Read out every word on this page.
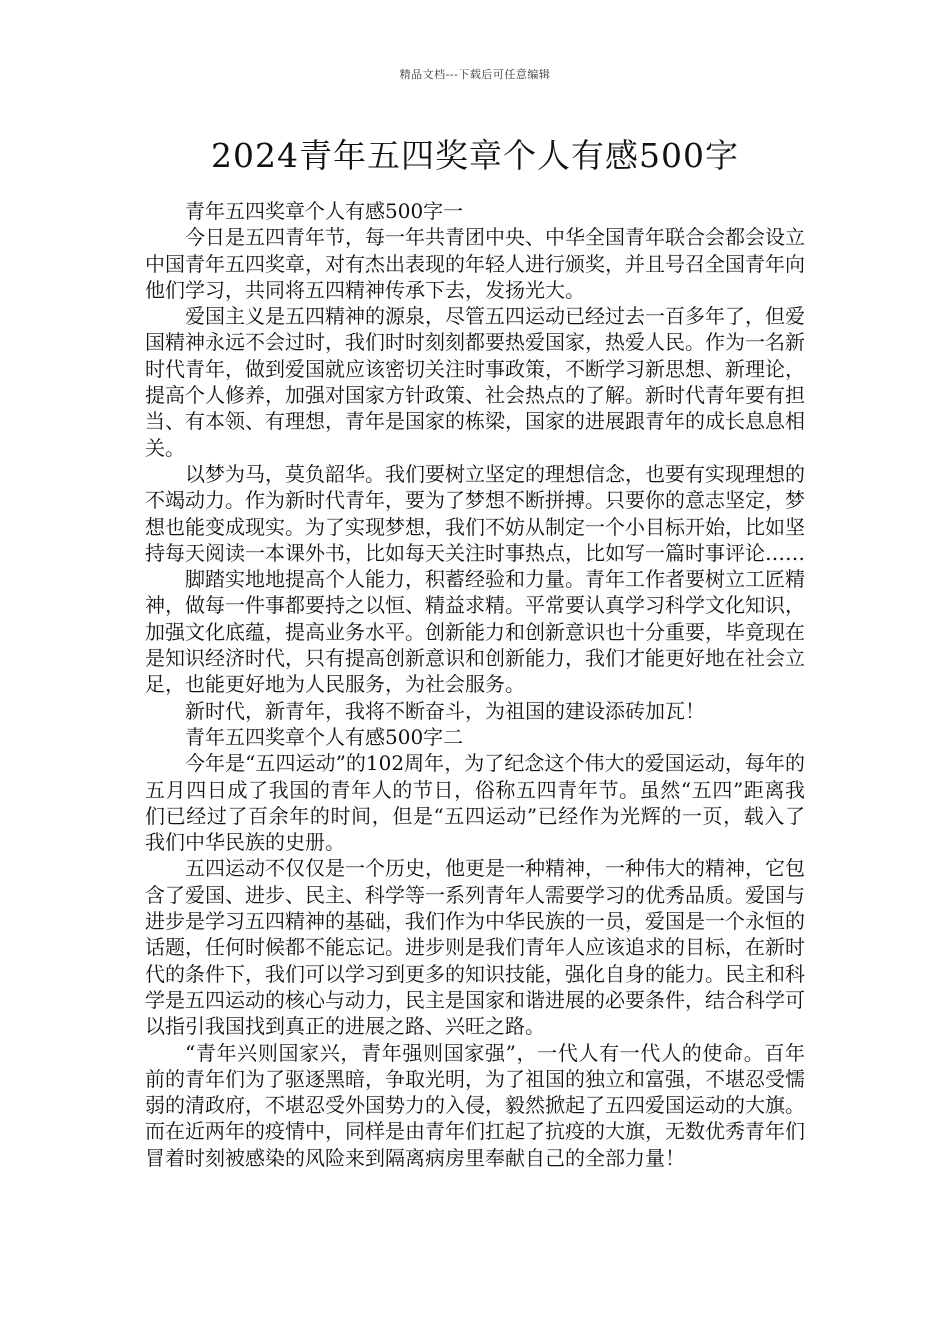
精品文档---下载后可任意编辑
2024青年五四奖章个人有感500字

青年五四奖章个人有感500字一

今日是五四青年节，每一年共青团中央、中华全国青年联合会都会设立中国青年五四奖章，对有杰出表现的年轻人进行颁奖，并且号召全国青年向他们学习，共同将五四精神传承下去，发扬光大。

爱国主义是五四精神的源泉，尽管五四运动已经过去一百多年了，但爱国精神永远不会过时，我们时时刻刻都要热爱国家，热爱人民。作为一名新时代青年，做到爱国就应该密切关注时事政策，不断学习新思想、新理论，提高个人修养，加强对国家方针政策、社会热点的了解。新时代青年要有担当、有本领、有理想，青年是国家的栋梁，国家的进展跟青年的成长息息相关。

以梦为马，莫负韶华。我们要树立坚定的理想信念，也要有实现理想的不竭动力。作为新时代青年，要为了梦想不断拼搏。只要你的意志坚定，梦想也能变成现实。为了实现梦想，我们不妨从制定一个小目标开始，比如坚持每天阅读一本课外书，比如每天关注时事热点，比如写一篇时事评论……

脚踏实地地提高个人能力，积蓄经验和力量。青年工作者要树立工匠精神，做每一件事都要持之以恒、精益求精。平常要认真学习科学文化知识，加强文化底蕴，提高业务水平。创新能力和创新意识也十分重要，毕竟现在是知识经济时代，只有提高创新意识和创新能力，我们才能更好地在社会立足，也能更好地为人民服务，为社会服务。

新时代，新青年，我将不断奋斗，为祖国的建设添砖加瓦！

青年五四奖章个人有感500字二

今年是“五四运动”的102周年，为了纪念这个伟大的爱国运动，每年的五月四日成了我国的青年人的节日，俗称五四青年节。虽然“五四”距离我们已经过了百余年的时间，但是“五四运动”已经作为光辉的一页，载入了我们中华民族的史册。

五四运动不仅仅是一个历史，他更是一种精神，一种伟大的精神，它包含了爱国、进步、民主、科学等一系列青年人需要学习的优秀品质。爱国与进步是学习五四精神的基础，我们作为中华民族的一员，爱国是一个永恒的话题，任何时候都不能忘记。进步则是我们青年人应该追求的目标，在新时代的条件下，我们可以学习到更多的知识技能，强化自身的能力。民主和科学是五四运动的核心与动力，民主是国家和谐进展的必要条件，结合科学可以指引我国找到真正的进展之路、兴旺之路。

“青年兴则国家兴，青年强则国家强”，一代人有一代人的使命。百年前的青年们为了驱逐黑暗，争取光明，为了祖国的独立和富强，不堪忍受懦弱的清政府，不堪忍受外国势力的入侵，毅然掀起了五四爱国运动的大旗。而在近两年的疫情中，同样是由青年们扛起了抗疫的大旗，无数优秀青年们冒着时刻被感染的风险来到隔离病房里奉献自己的全部力量！
